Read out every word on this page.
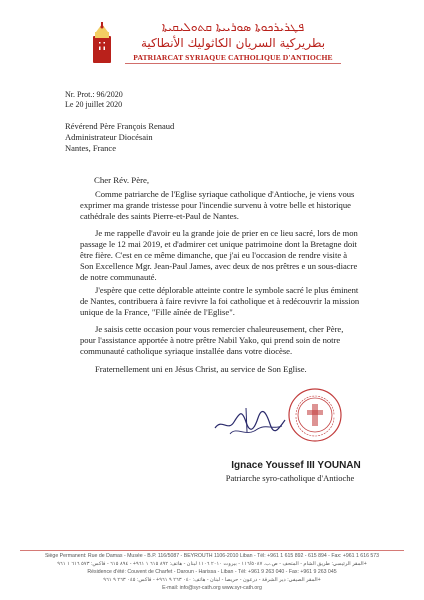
ܦܛܪܝܪܟܘܬܐ ܣܘܪܝܝܬܐ ܩܬܘܠܝܩܝܬܐ
بطريركية السريان الكاثوليك الأنطاكية
PATRIARCAT SYRIAQUE CATHOLIQUE D'ANTIOCHE
Nr. Prot.: 96/2020
Le 20 juillet 2020
Révérend Père François Renaud
Administrateur Diocésain
Nantes, France
Cher Rév. Père,

Comme patriarche de l'Eglise syriaque catholique d'Antioche, je viens vous exprimer ma grande tristesse pour l'incendie survenu à votre belle et historique cathédrale des saints Pierre-et-Paul de Nantes.

Je me rappelle d'avoir eu la grande joie de prier en ce lieu sacré, lors de mon passage le 12 mai 2019, et d'admirer cet unique patrimoine dont la Bretagne doit être fière. C'est en ce même dimanche, que j'ai eu l'occasion de rendre visite à Son Excellence Mgr. Jean-Paul James, avec deux de nos prêtres e un sous-diacre de notre communauté.

J'espère que cette déplorable atteinte contre le symbole sacré le plus éminent de Nantes, contribuera à faire revivre la foi catholique et à redécouvrir la mission unique de la France, "Fille aînée de l'Eglise".

Je saisis cette occasion pour vous remercier chaleureusement, cher Père, pour l'assistance apportée à notre prêtre Nabil Yako, qui prend soin de notre communauté catholique syriaque installée dans votre diocèse.

Fraternellement uni en Jésus Christ, au service de Son Eglise.

Ignace Youssef III YOUNAN
Patriarche syro-catholique d'Antioche
Siège Permanent: Rue de Damas - Musée - B.P. 116/5087 - BEYROUTH 1106-2010 Liban - Tél: +961 1 615 892 - 615 894 - Fax: +961 1 616 573
المقر الرئيسي: طريق الشام - المتحف - ص.ب. ١١٦/٥٠٨٧ - بيروت ٢٠١٠ ١١٠٦ لبنان - هاتف: ٨٩٢ ٦١٥ ١ ٩٦١+ - ٨٩٤ ٦١٥ - فاكس: ٥٧٣ ٦١٦ ١ ٩٦١+
Résidence d'été: Couvent de Charfet - Daroun - Harissa - Liban - Tél: +961 9 263 040 - Fax: +961 9 263 045
المقر الصيفي: دير الشرفة - درعون - حريصا - لبنان - هاتف: ٠٤٠ ٢٦٣ ٩ ٩٦١+ - فاكس: ٠٤٥ ٢٦٣ ٩ ٩٦١+
E-mail: info@syr-cath.org www.syr-cath.org
